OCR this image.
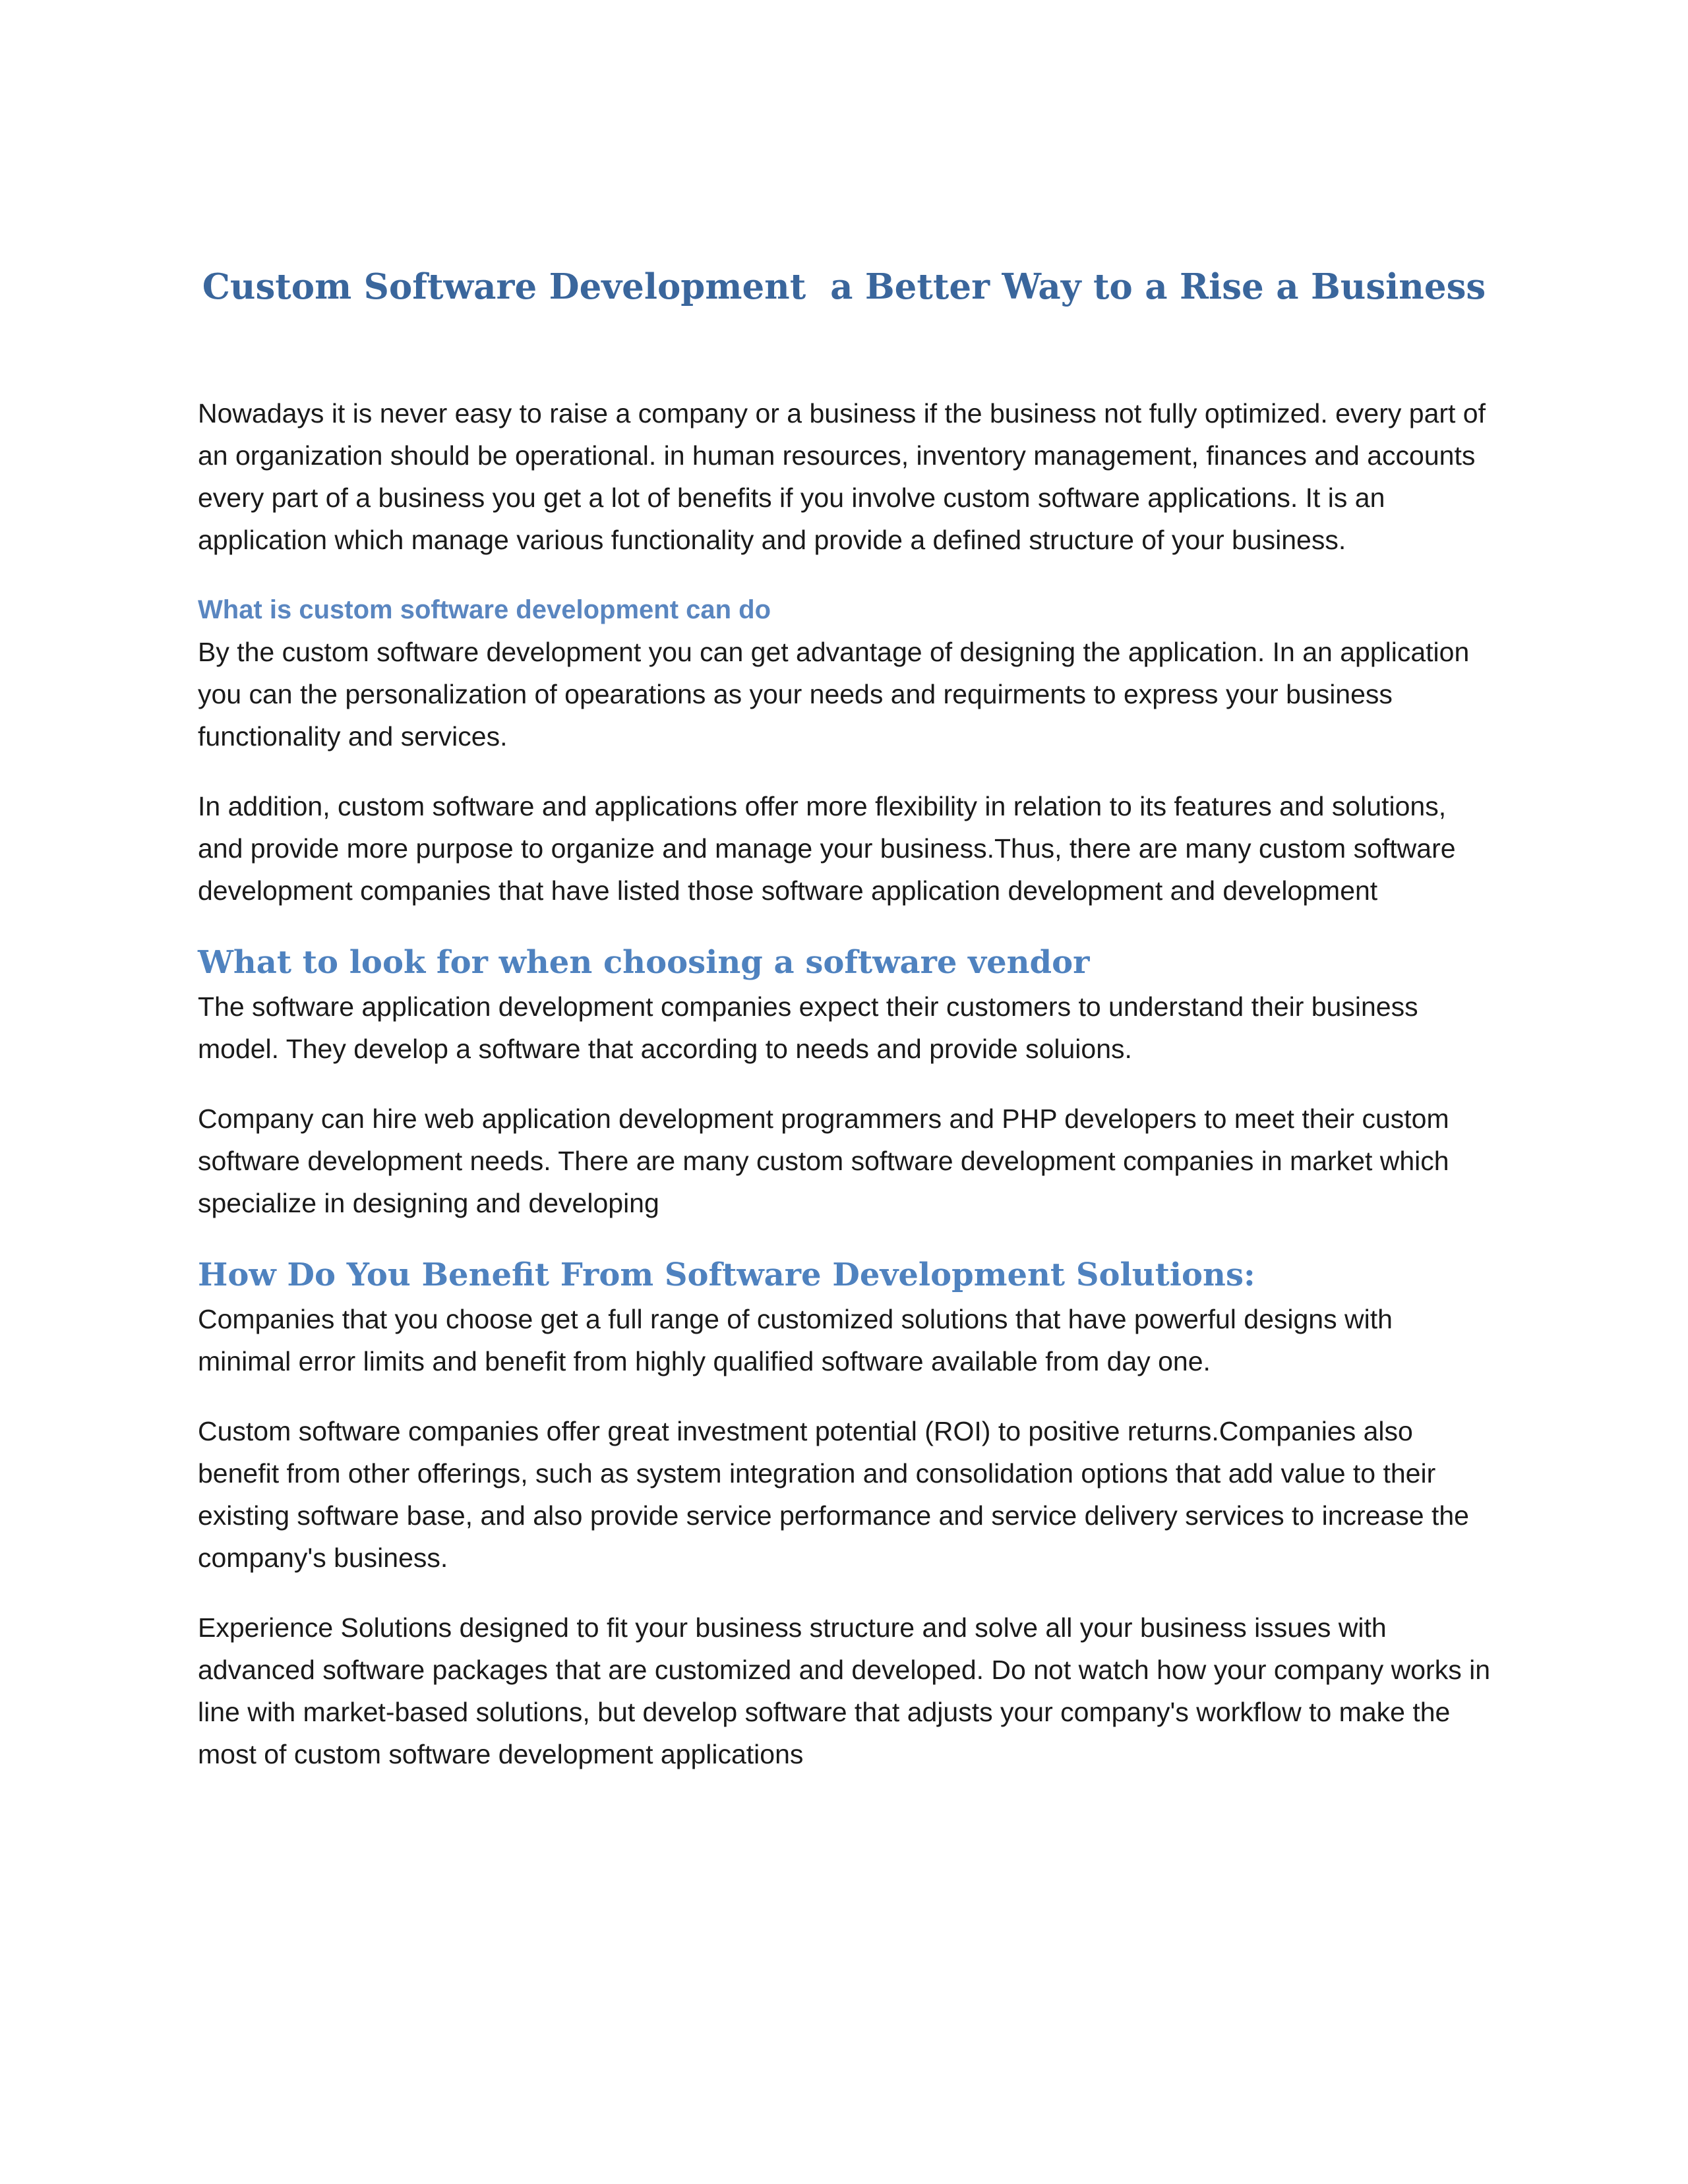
Custom Software Development  a Better Way to a Rise a Business

Nowadays it is never easy to raise a company or a business if the business not fully optimized. every part of an organization should be operational. in human resources, inventory management, finances and accounts every part of a business you get a lot of benefits if you involve custom software applications. It is an application which manage various functionality and provide a defined structure of your business.

What is custom software development can do

By the custom software development you can get advantage of designing the application. In an application you can the personalization of opearations as your needs and requirments to express your business functionality and services.

In addition, custom software and applications offer more flexibility in relation to its features and solutions, and provide more purpose to organize and manage your business.Thus, there are many custom software development companies that have listed those software application development and development

What to look for when choosing a software vendor

The software application development companies expect their customers to understand their business model. They develop a software that according to needs and provide soluions.

Company can hire web application development programmers and PHP developers to meet their custom software development needs. There are many custom software development companies in market which specialize in designing and developing

How Do You Benefit From Software Development Solutions:

Companies that you choose get a full range of customized solutions that have powerful designs with minimal error limits and benefit from highly qualified software available from day one.

Custom software companies offer great investment potential (ROI) to positive returns.Companies also benefit from other offerings, such as system integration and consolidation options that add value to their existing software base, and also provide service performance and service delivery services to increase the company's business.

Experience Solutions designed to fit your business structure and solve all your business issues with advanced software packages that are customized and developed. Do not watch how your company works in line with market-based solutions, but develop software that adjusts your company's workflow to make the most of custom software development applications
